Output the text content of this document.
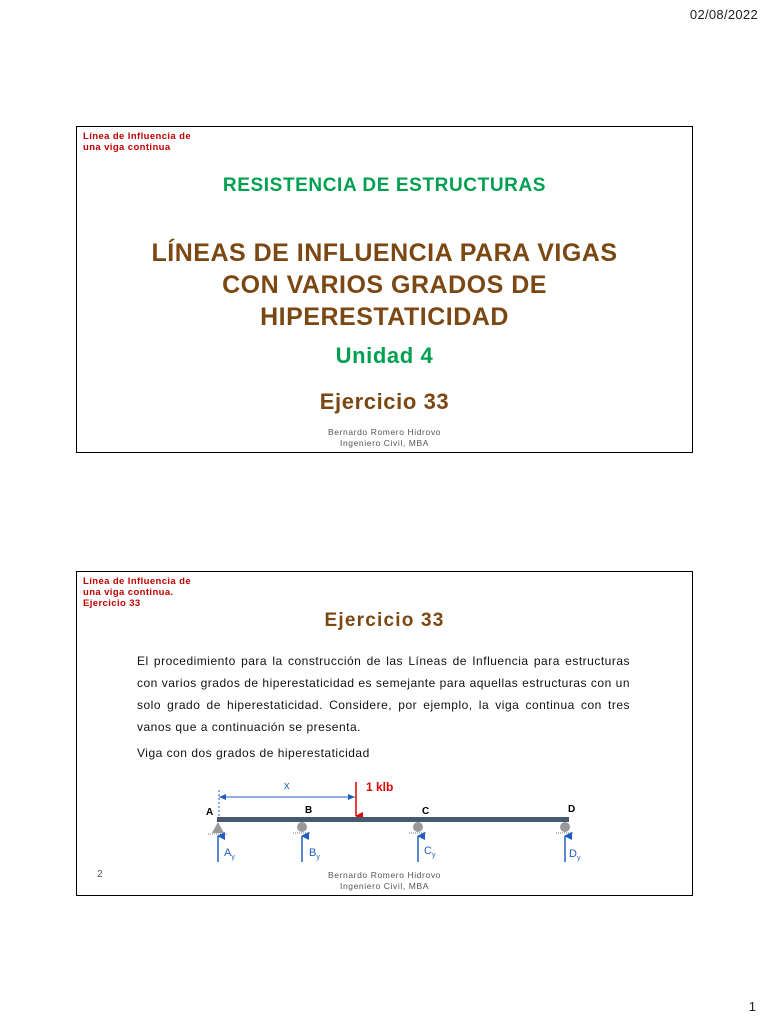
02/08/2022
Línea de Influencia de
una viga continua
RESISTENCIA DE ESTRUCTURAS
LÍNEAS DE INFLUENCIA PARA VIGAS
CON VARIOS GRADOS DE
HIPERESTATICIDAD
Unidad 4
Ejercicio 33
Bernardo Romero Hidrovo
Ingeniero Civil, MBA
Línea de Influencia de
una viga continua.
Ejercicio 33
Ejercicio 33
El procedimiento para la construcción de las Líneas de Influencia para estructuras con varios grados de hiperestaticidad es semejante para aquellas estructuras con un solo grado de hiperestaticidad. Considere, por ejemplo, la viga continua con tres vanos que a continuación se presenta.
Viga con dos grados de hiperestaticidad
x	1 klb
A	B	C	D
$A_y$	$B_y$
$C_y$	$D_y$
2	Bernardo Romero Hidrovo
Ingeniero Civil, MBA
1
